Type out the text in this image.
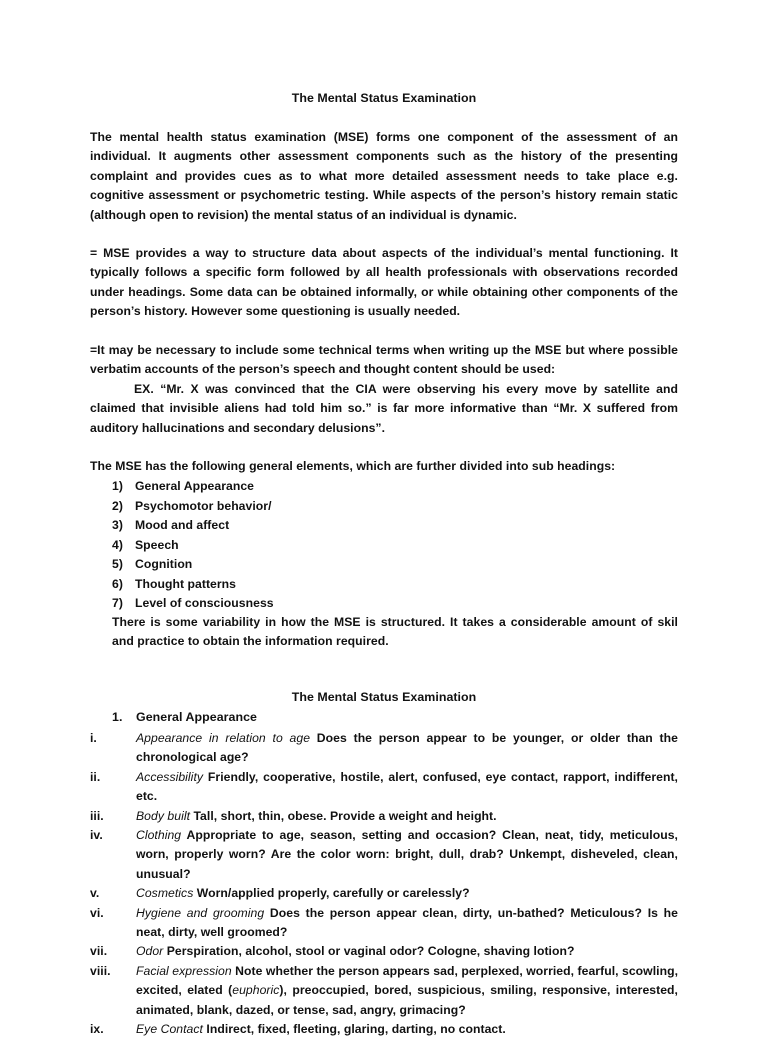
The Mental Status Examination
The mental health status examination (MSE) forms one component of the assessment of an individual. It augments other assessment components such as the history of the presenting complaint and provides cues as to what more detailed assessment needs to take place e.g. cognitive assessment or psychometric testing. While aspects of the person’s history remain static (although open to revision) the mental status of an individual is dynamic.
= MSE provides a way to structure data about aspects of the individual’s mental functioning. It typically follows a specific form followed by all health professionals with observations recorded under headings. Some data can be obtained informally, or while obtaining other components of the person’s history. However some questioning is usually needed.
=It may be necessary to include some technical terms when writing up the MSE but where possible verbatim accounts of the person’s speech and thought content should be used:
EX. “Mr. X was convinced that the CIA were observing his every move by satellite and claimed that invisible aliens had told him so.” is far more informative than “Mr. X suffered from auditory hallucinations and secondary delusions”.
The MSE has the following general elements, which are further divided into sub headings:
1) General Appearance
2) Psychomotor behavior/
3) Mood and affect
4) Speech
5) Cognition
6) Thought patterns
7) Level of consciousness
There is some variability in how the MSE is structured. It takes a considerable amount of skil and practice to obtain the information required.
The Mental Status Examination
1. General Appearance
i.	Appearance in relation to age Does the person appear to be younger, or older than the chronological age?
ii.	Accessibility Friendly, cooperative, hostile, alert, confused, eye contact, rapport, indifferent, etc.
iii.	Body built Tall, short, thin, obese. Provide a weight and height.
iv.	Clothing Appropriate to age, season, setting and occasion? Clean, neat, tidy, meticulous, worn, properly worn? Are the color worn: bright, dull, drab? Unkempt, disheveled, clean, unusual?
v.	Cosmetics Worn/applied properly, carefully or carelessly?
vi.	Hygiene and grooming Does the person appear clean, dirty, un-bathed? Meticulous? Is he neat, dirty, well groomed?
vii.	Odor Perspiration, alcohol, stool or vaginal odor? Cologne, shaving lotion?
viii. Facial expression Note whether the person appears sad, perplexed, worried, fearful, scowling, excited, elated (euphoric), preoccupied, bored, suspicious, smiling, responsive, interested, animated, blank, dazed, or tense, sad, angry, grimacing?
ix.	Eye Contact Indirect, fixed, fleeting, glaring, darting, no contact.
